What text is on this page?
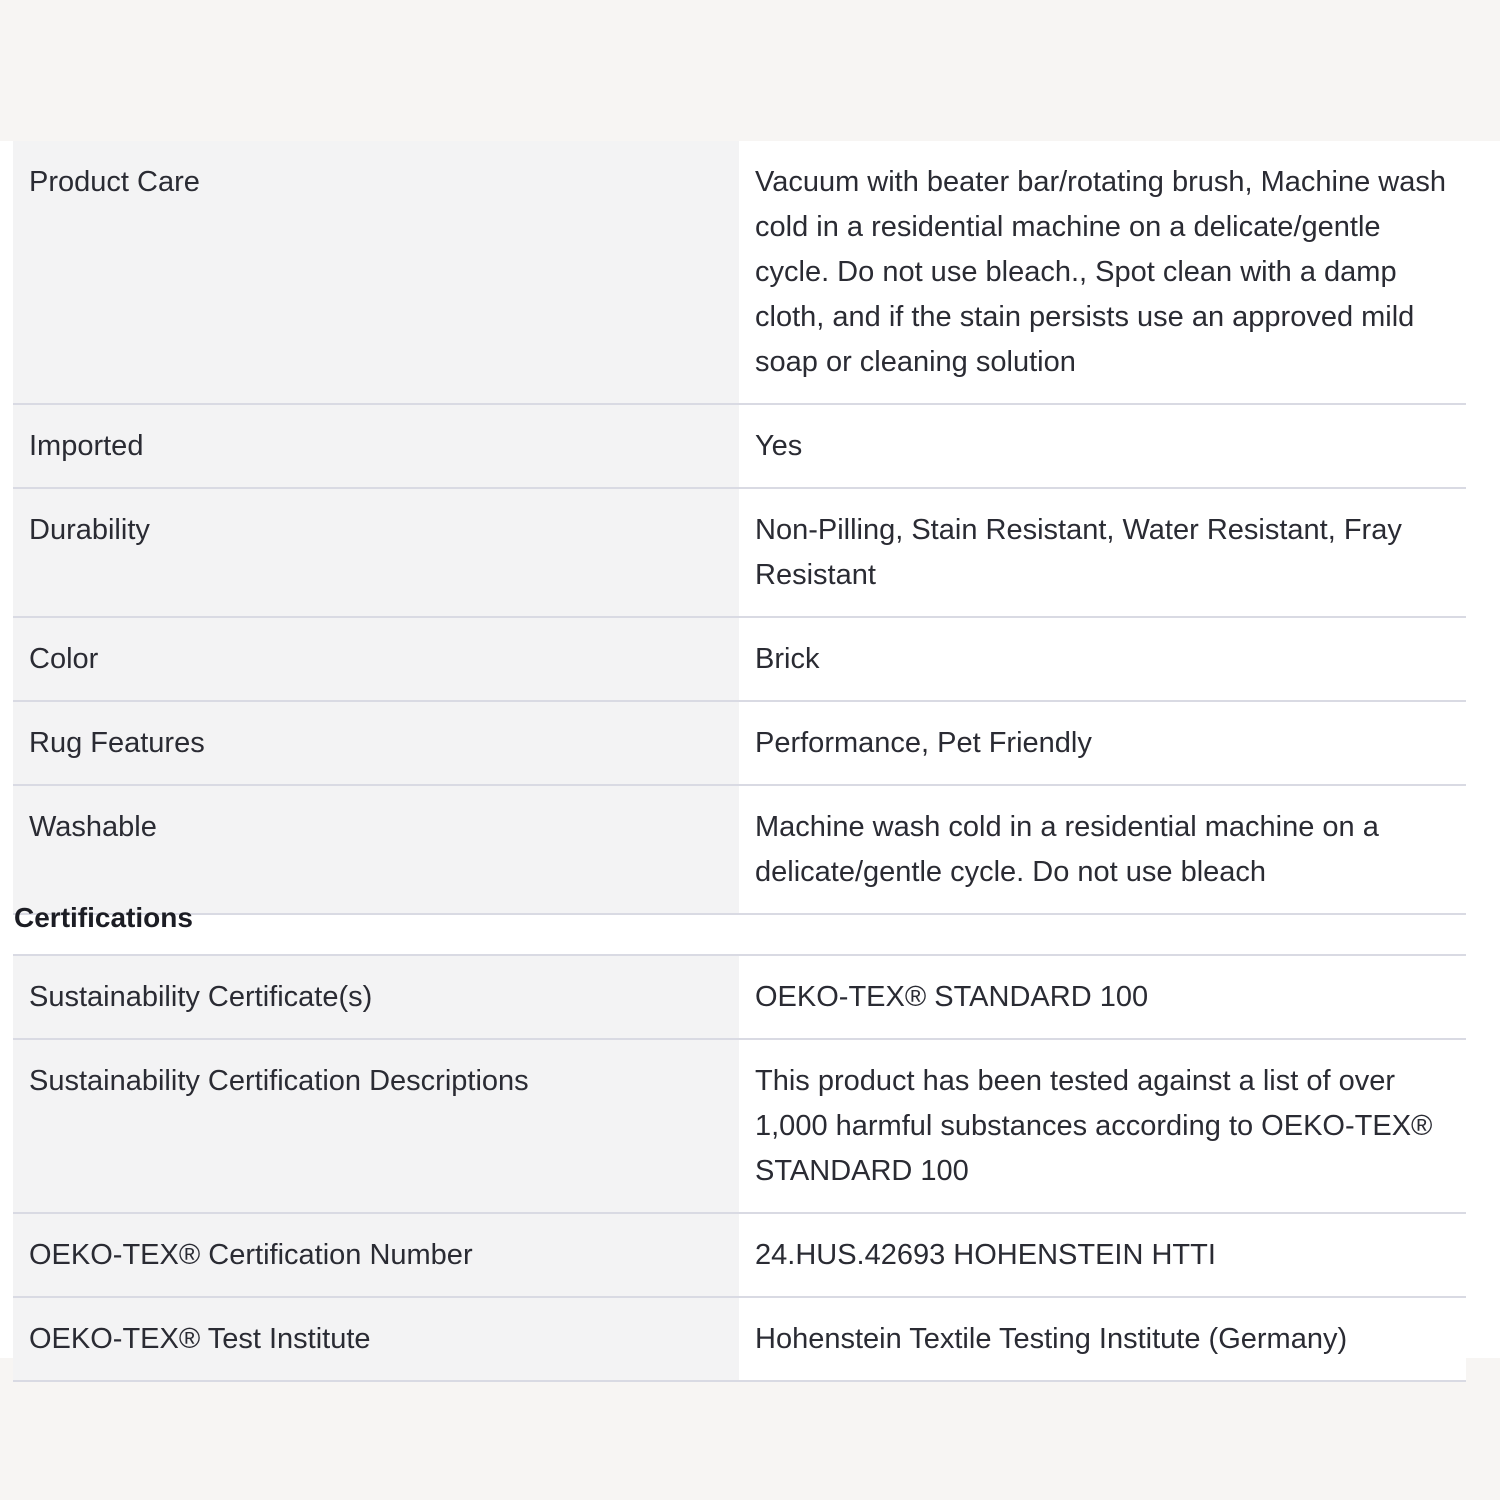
Product Care	Vacuum with beater bar/rotating brush, Machine wash cold in a residential machine on a delicate/gentle cycle. Do not use bleach., Spot clean with a damp cloth, and if the stain persists use an approved mild soap or cleaning solution
Imported	Yes
Durability	Non-Pilling, Stain Resistant, Water Resistant, Fray Resistant
Color	Brick
Rug Features	Performance, Pet Friendly
Washable	Machine wash cold in a residential machine on a delicate/gentle cycle. Do not use bleach
Certifications
Sustainability Certificate(s)	OEKO-TEX® STANDARD 100
Sustainability Certification Descriptions	This product has been tested against a list of over 1,000 harmful substances according to OEKO-TEX® STANDARD 100
OEKO-TEX® Certification Number	24.HUS.42693 HOHENSTEIN HTTI
OEKO-TEX® Test Institute	Hohenstein Textile Testing Institute (Germany)
